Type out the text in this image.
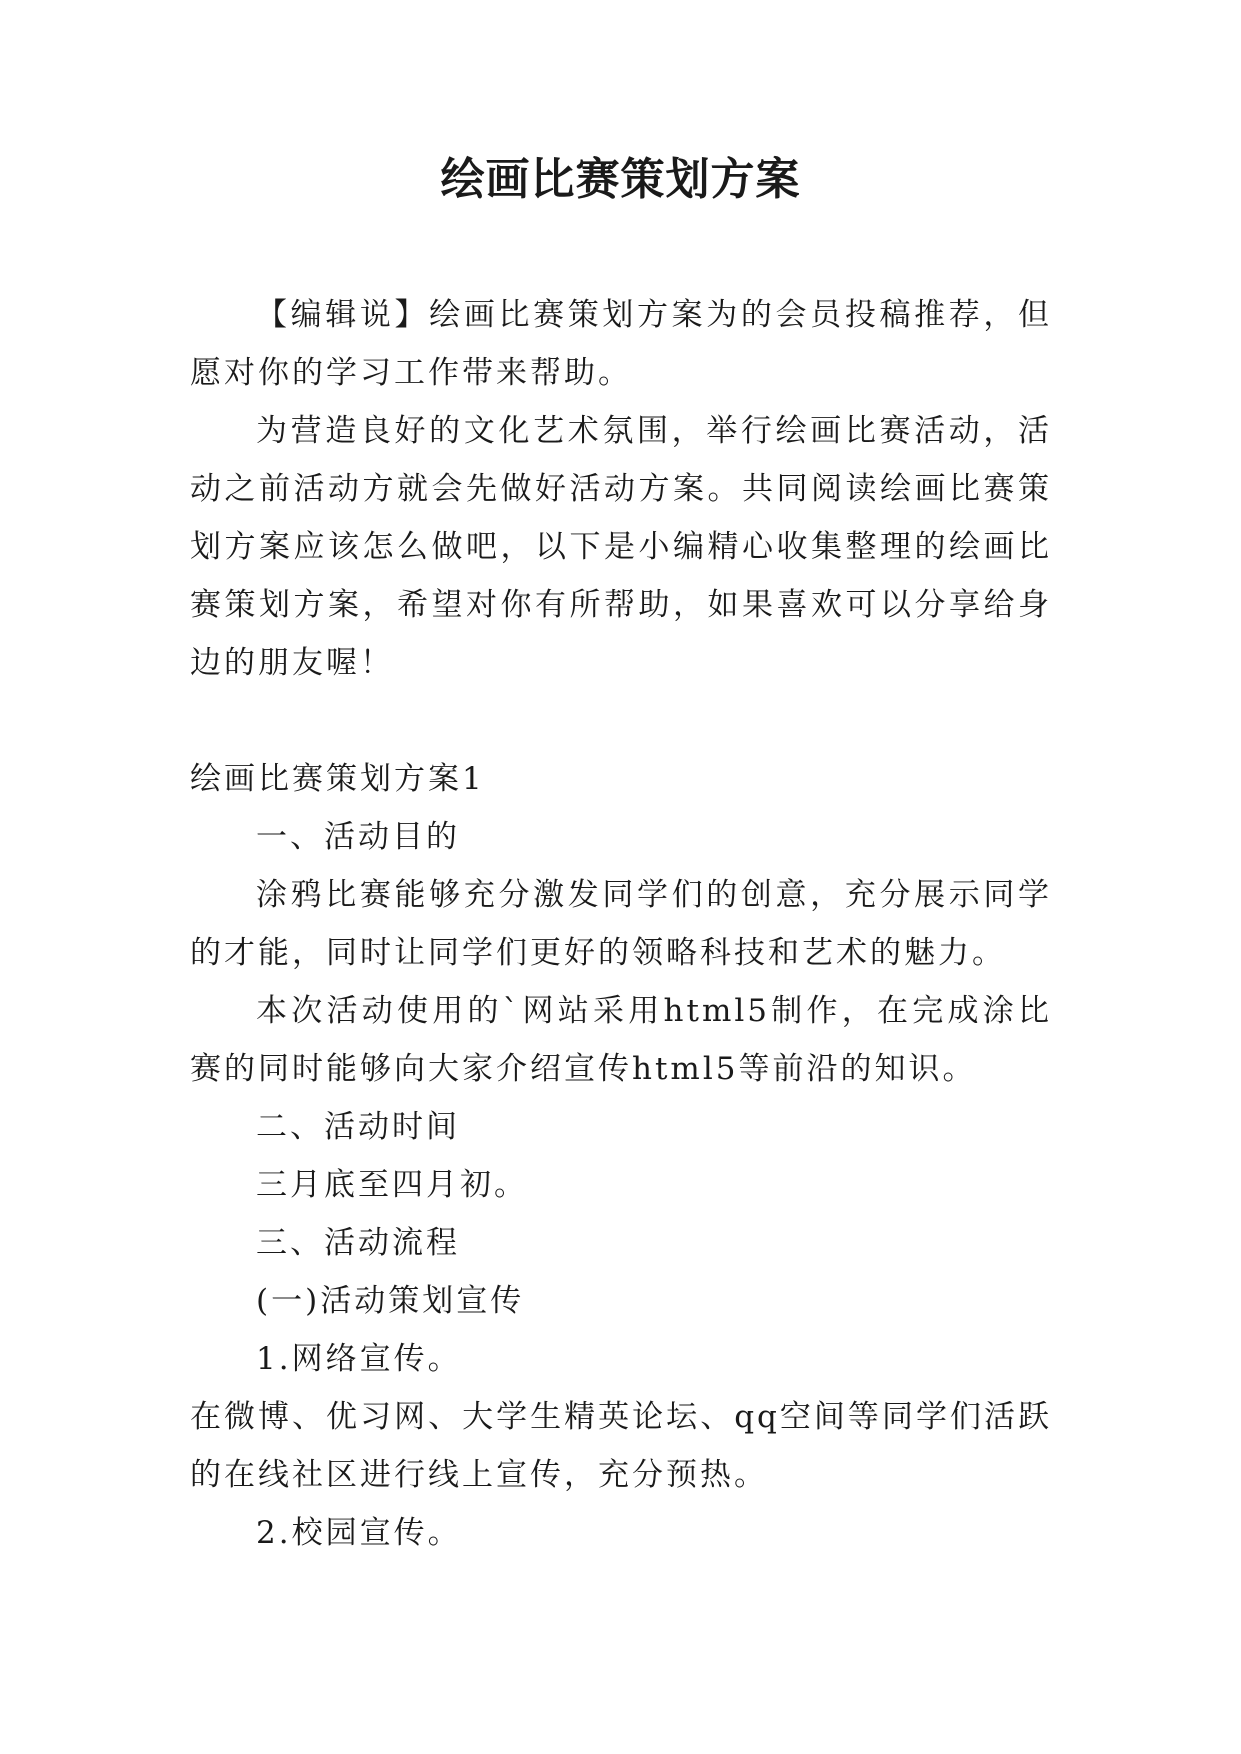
绘画比赛策划方案

【编辑说】绘画比赛策划方案为的会员投稿推荐，但愿对你的学习工作带来帮助。

为营造良好的文化艺术氛围，举行绘画比赛活动，活动之前活动方就会先做好活动方案。共同阅读绘画比赛策划方案应该怎么做吧，以下是小编精心收集整理的绘画比赛策划方案，希望对你有所帮助，如果喜欢可以分享给身边的朋友喔！

绘画比赛策划方案1

一、活动目的

涂鸦比赛能够充分激发同学们的创意，充分展示同学的才能，同时让同学们更好的领略科技和艺术的魅力。

本次活动使用的`网站采用html5制作，在完成涂比赛的同时能够向大家介绍宣传html5等前沿的知识。

二、活动时间

三月底至四月初。

三、活动流程

(一)活动策划宣传

1.网络宣传。

在微博、优习网、大学生精英论坛、qq空间等同学们活跃的在线社区进行线上宣传，充分预热。

2.校园宣传。
